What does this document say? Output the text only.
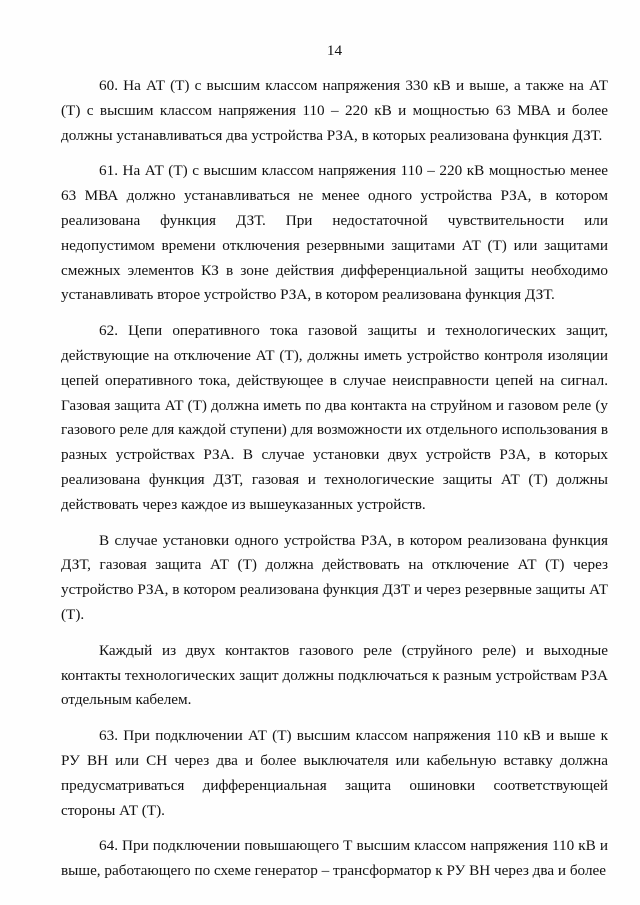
14

60. На АТ (Т) с высшим классом напряжения 330 кВ и выше, а также на АТ (Т) с высшим классом напряжения 110 – 220 кВ и мощностью 63 МВА и более должны устанавливаться два устройства РЗА, в которых реализована функция ДЗТ.

61. На АТ (Т) с высшим классом напряжения 110 – 220 кВ мощностью менее 63 МВА должно устанавливаться не менее одного устройства РЗА, в котором реализована функция ДЗТ. При недостаточной чувствительности или недопустимом времени отключения резервными защитами АТ (Т) или защитами смежных элементов КЗ в зоне действия дифференциальной защиты необходимо устанавливать второе устройство РЗА, в котором реализована функция ДЗТ.

62. Цепи оперативного тока газовой защиты и технологических защит, действующие на отключение АТ (Т), должны иметь устройство контроля изоляции цепей оперативного тока, действующее в случае неисправности цепей на сигнал. Газовая защита АТ (Т) должна иметь по два контакта на струйном и газовом реле (у газового реле для каждой ступени) для возможности их отдельного использования в разных устройствах РЗА. В случае установки двух устройств РЗА, в которых реализована функция ДЗТ, газовая и технологические защиты АТ (Т) должны действовать через каждое из вышеуказанных устройств.

В случае установки одного устройства РЗА, в котором реализована функция ДЗТ, газовая защита АТ (Т) должна действовать на отключение АТ (Т) через устройство РЗА, в котором реализована функция ДЗТ и через резервные защиты АТ (Т).

Каждый из двух контактов газового реле (струйного реле) и выходные контакты технологических защит должны подключаться к разным устройствам РЗА отдельным кабелем.

63. При подключении АТ (Т) высшим классом напряжения 110 кВ и выше к РУ ВН или СН через два и более выключателя или кабельную вставку должна предусматриваться дифференциальная защита ошиновки соответствующей стороны АТ (Т).

64. При подключении повышающего Т высшим классом напряжения 110 кВ и выше, работающего по схеме генератор – трансформатор к РУ ВН через два и более
